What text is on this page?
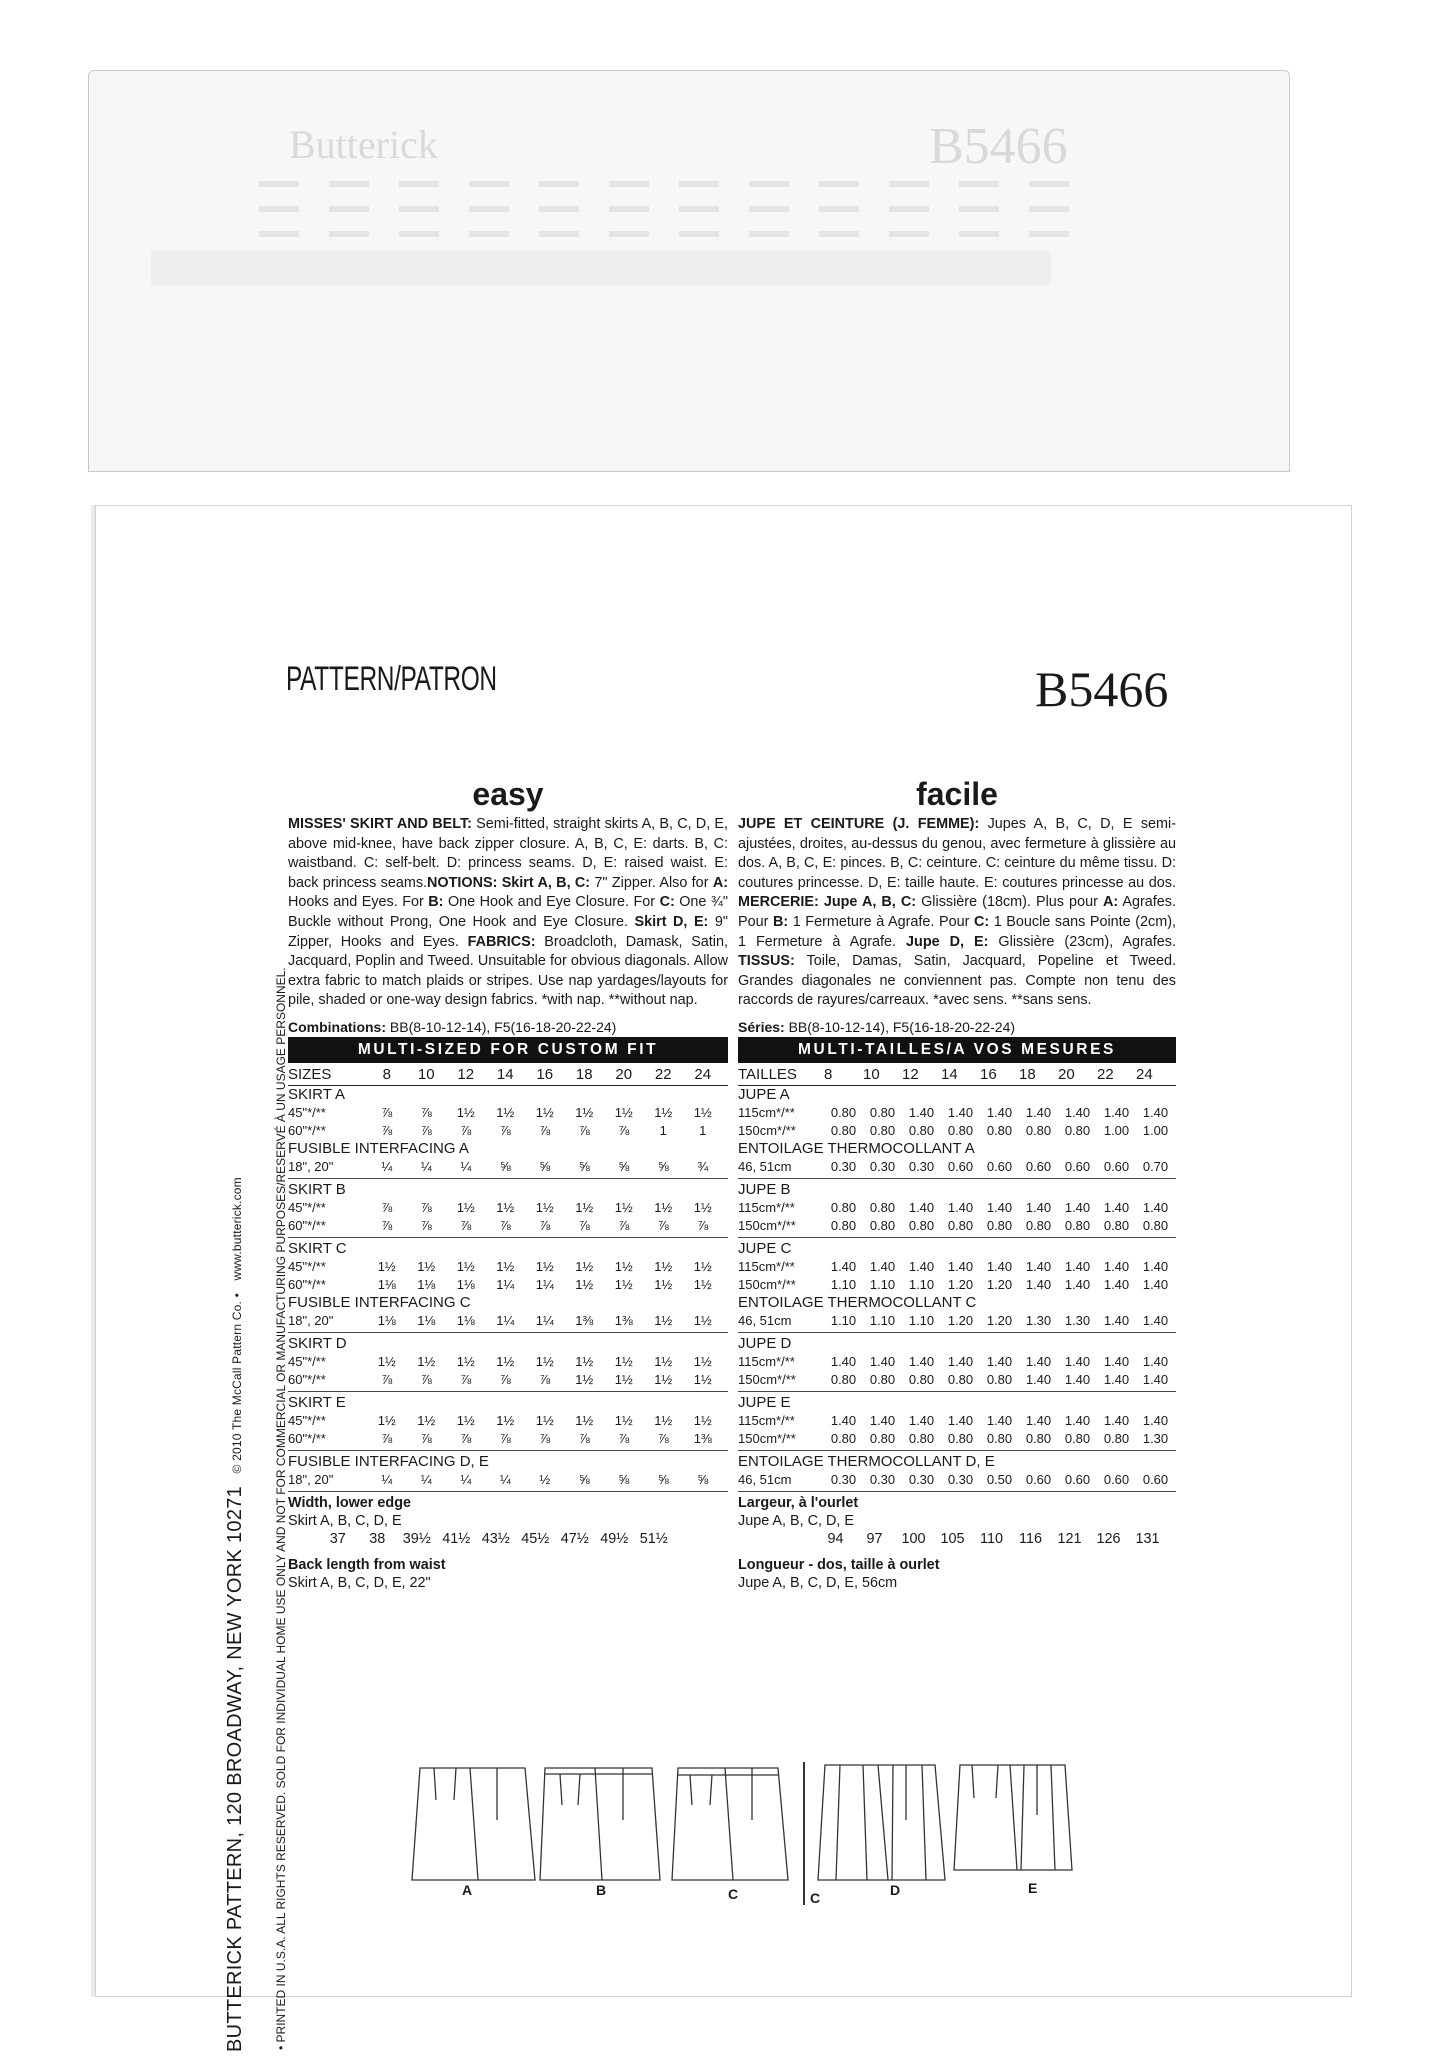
Butterick	B5466
BUTTERICK PATTERN, 120 BROADWAY, NEW YORK 10271 © 2010 The McCall Pattern Co. • www.butterick.com	• PRINTED IN U.S.A. ALL RIGHTS RESERVED. SOLD FOR INDIVIDUAL HOME USE ONLY AND NOT FOR COMMERCIAL OR MANUFACTURING PURPOSES/RESERVÉ À UN USAGE PERSONNEL.
PATTERN/PATRON	B5466
easy
MISSES' SKIRT AND BELT: Semi-fitted, straight skirts A, B, C, D, E, above mid-knee, have back zipper closure. A, B, C, E: darts. B, C: waistband. C: self-belt. D: princess seams. D, E: raised waist. E: back princess seams.NOTIONS: Skirt A, B, C: 7" Zipper. Also for A: Hooks and Eyes. For B: One Hook and Eye Closure. For C: One ¾" Buckle without Prong, One Hook and Eye Closure. Skirt D, E: 9" Zipper, Hooks and Eyes. FABRICS: Broadcloth, Damask, Satin, Jacquard, Poplin and Tweed. Unsuitable for obvious diagonals. Allow extra fabric to match plaids or stripes. Use nap yardages/layouts for pile, shaded or one-way design fabrics. *with nap. **without nap.
Combinations: BB(8-10-12-14), F5(16-18-20-22-24)
MULTI-SIZED FOR CUSTOM FIT
SIZES	8	10	12	14	16	18	20	22	24
SKIRT A
45"*/**	⅞	⅞	1½	1½	1½	1½	1½	1½	1½
60"*/**	⅞	⅞	⅞	⅞	⅞	⅞	⅞	1	1
FUSIBLE INTERFACING A
18", 20"	¼	¼	¼	⅝	⅝	⅝	⅝	⅝	¾
SKIRT B
45"*/**	⅞	⅞	1½	1½	1½	1½	1½	1½	1½
60"*/**	⅞	⅞	⅞	⅞	⅞	⅞	⅞	⅞	⅞
SKIRT C
45"*/**	1½	1½	1½	1½	1½	1½	1½	1½	1½
60"*/**	1⅛	1⅛	1⅛	1¼	1¼	1½	1½	1½	1½
FUSIBLE INTERFACING C
18", 20"	1⅛	1⅛	1⅛	1¼	1¼	1⅜	1⅜	1½	1½
SKIRT D
45"*/**	1½	1½	1½	1½	1½	1½	1½	1½	1½
60"*/**	⅞	⅞	⅞	⅞	⅞	1½	1½	1½	1½
SKIRT E
45"*/**	1½	1½	1½	1½	1½	1½	1½	1½	1½
60"*/**	⅞	⅞	⅞	⅞	⅞	⅞	⅞	⅞	1⅜
FUSIBLE INTERFACING D, E
18", 20"	¼	¼	¼	¼	½	⅝	⅝	⅝	⅝
Width, lower edge
Skirt A, B, C, D, E
37	38	39½ 41½ 43½ 45½ 47½ 49½ 51½
Back length from waist
Skirt A, B, C, D, E, 22"
facile
JUPE ET CEINTURE (J. FEMME): Jupes A, B, C, D, E semi-ajustées, droites, au-dessus du genou, avec fermeture à glissière au dos. A, B, C, E: pinces. B, C: ceinture. C: ceinture du même tissu. D: coutures princesse. D, E: taille haute. E: coutures princesse au dos. MERCERIE: Jupe A, B, C: Glissière (18cm). Plus pour A: Agrafes. Pour B: 1 Fermeture à Agrafe. Pour C: 1 Boucle sans Pointe (2cm), 1 Fermeture à Agrafe. Jupe D, E: Glissière (23cm), Agrafes. TISSUS: Toile, Damas, Satin, Jacquard, Popeline et Tweed. Grandes diagonales ne conviennent pas. Compte non tenu des raccords de rayures/carreaux. *avec sens. **sans sens.
Séries: BB(8-10-12-14), F5(16-18-20-22-24)
MULTI-TAILLES/A VOS MESURES
TAILLES	8	10	12	14	16	18	20	22	24
JUPE A
115cm*/**	0.80	0.80	1.40	1.40	1.40	1.40	1.40	1.40	1.40
150cm*/**	0.80	0.80	0.80	0.80	0.80	0.80	0.80	1.00	1.00
ENTOILAGE THERMOCOLLANT A
46, 51cm	0.30	0.30	0.30	0.60	0.60	0.60	0.60	0.60	0.70
JUPE B
115cm*/**	0.80	0.80	1.40	1.40	1.40	1.40	1.40	1.40	1.40
150cm*/**	0.80	0.80	0.80	0.80	0.80	0.80	0.80	0.80	0.80
JUPE C
115cm*/**	1.40	1.40	1.40	1.40	1.40	1.40	1.40	1.40	1.40
150cm*/**	1.10	1.10	1.10	1.20	1.20	1.40	1.40	1.40	1.40
ENTOILAGE THERMOCOLLANT C
46, 51cm	1.10	1.10	1.10	1.20	1.20	1.30	1.30	1.40	1.40
JUPE D
115cm*/**	1.40	1.40	1.40	1.40	1.40	1.40	1.40	1.40	1.40
150cm*/**	0.80	0.80	0.80	0.80	0.80	1.40	1.40	1.40	1.40
JUPE E
115cm*/**	1.40	1.40	1.40	1.40	1.40	1.40	1.40	1.40	1.40
150cm*/**	0.80	0.80	0.80	0.80	0.80	0.80	0.80	0.80	1.30
ENTOILAGE THERMOCOLLANT D, E
46, 51cm	0.30	0.30	0.30	0.30	0.50	0.60	0.60	0.60	0.60
Largeur, à l'ourlet
Jupe A, B, C, D, E
94	97	100	105	110	116	121	126	131
Longueur - dos, taille à ourlet
Jupe A, B, C, D, E, 56cm
A	B	C	C	D	E
